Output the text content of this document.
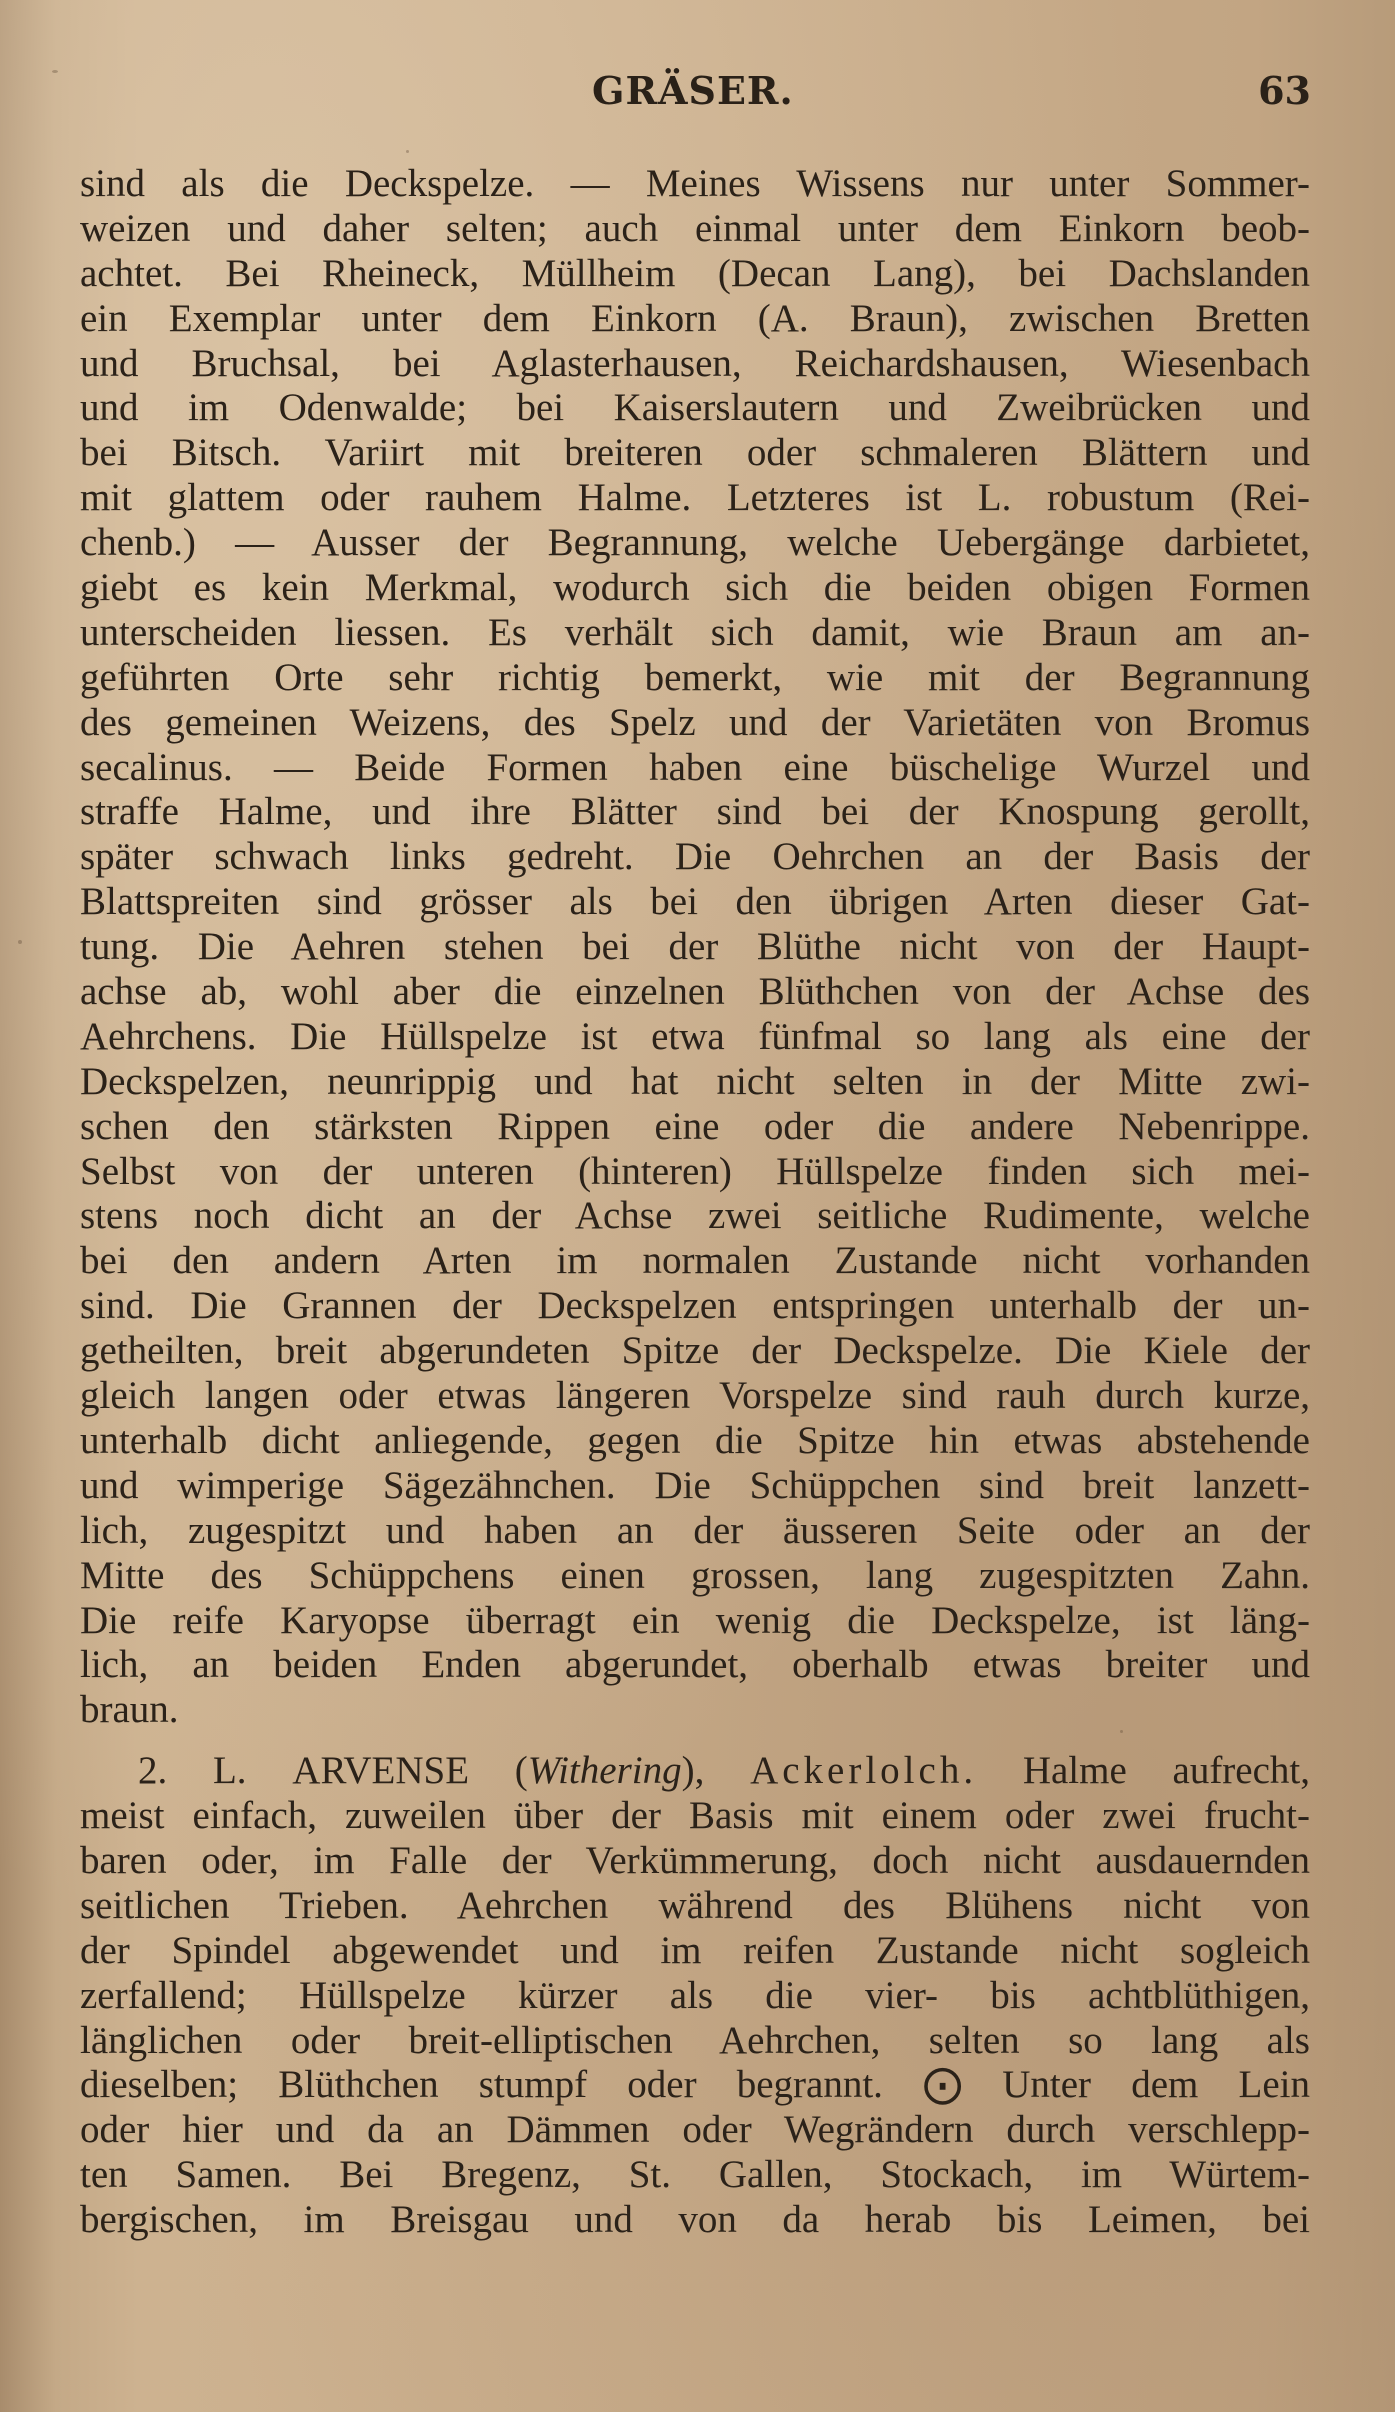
GRÄSER.	63
sind als die Deckspelze. — Meines Wissens nur unter Sommer-
weizen und daher selten; auch einmal unter dem Einkorn beob-
achtet. Bei Rheineck, Müllheim (Decan Lang), bei Dachslanden
ein Exemplar unter dem Einkorn (A. Braun), zwischen Bretten
und Bruchsal, bei Aglasterhausen, Reichardshausen, Wiesenbach
und im Odenwalde; bei Kaiserslautern und Zweibrücken und
bei Bitsch. Variirt mit breiteren oder schmaleren Blättern und
mit glattem oder rauhem Halme. Letzteres ist L. robustum (Rei-
chenb.) — Ausser der Begrannung, welche Uebergänge darbietet,
giebt es kein Merkmal, wodurch sich die beiden obigen Formen
unterscheiden liessen. Es verhält sich damit, wie Braun am an-
geführten Orte sehr richtig bemerkt, wie mit der Begrannung
des gemeinen Weizens, des Spelz und der Varietäten von Bromus
secalinus. — Beide Formen haben eine büschelige Wurzel und
straffe Halme, und ihre Blätter sind bei der Knospung gerollt,
später schwach links gedreht. Die Oehrchen an der Basis der
Blattspreiten sind grösser als bei den übrigen Arten dieser Gat-
tung. Die Aehren stehen bei der Blüthe nicht von der Haupt-
achse ab, wohl aber die einzelnen Blüthchen von der Achse des
Aehrchens. Die Hüllspelze ist etwa fünfmal so lang als eine der
Deckspelzen, neunrippig und hat nicht selten in der Mitte zwi-
schen den stärksten Rippen eine oder die andere Nebenrippe.
Selbst von der unteren (hinteren) Hüllspelze finden sich mei-
stens noch dicht an der Achse zwei seitliche Rudimente, welche
bei den andern Arten im normalen Zustande nicht vorhanden
sind. Die Grannen der Deckspelzen entspringen unterhalb der un-
getheilten, breit abgerundeten Spitze der Deckspelze. Die Kiele der
gleich langen oder etwas längeren Vorspelze sind rauh durch kurze,
unterhalb dicht anliegende, gegen die Spitze hin etwas abstehende
und wimperige Sägezähnchen. Die Schüppchen sind breit lanzett-
lich, zugespitzt und haben an der äusseren Seite oder an der
Mitte des Schüppchens einen grossen, lang zugespitzten Zahn.
Die reife Karyopse überragt ein wenig die Deckspelze, ist läng-
lich, an beiden Enden abgerundet, oberhalb etwas breiter und
braun.
2. L. ARVENSE (Withering), Ackerlolch. Halme aufrecht,
meist einfach, zuweilen über der Basis mit einem oder zwei frucht-
baren oder, im Falle der Verkümmerung, doch nicht ausdauernden
seitlichen Trieben. Aehrchen während des Blühens nicht von
der Spindel abgewendet und im reifen Zustande nicht sogleich
zerfallend; Hüllspelze kürzer als die vier- bis achtblüthigen,
länglichen oder breit-elliptischen Aehrchen, selten so lang als
dieselben; Blüthchen stumpf oder begrannt. ⨀ Unter dem Lein
oder hier und da an Dämmen oder Wegrändern durch verschlepp-
ten Samen. Bei Bregenz, St. Gallen, Stockach, im Würtem-
bergischen, im Breisgau und von da herab bis Leimen, bei
